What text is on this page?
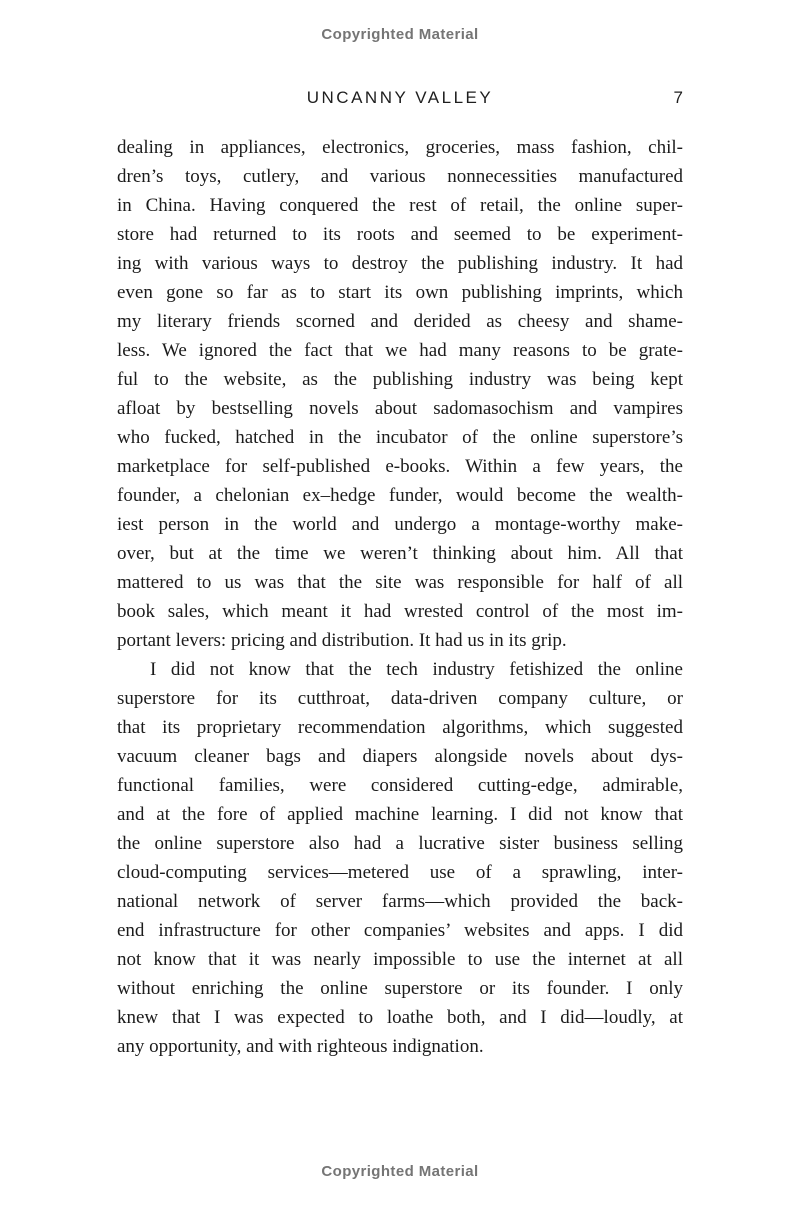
Copyrighted Material
UNCANNY VALLEY	7
dealing in appliances, electronics, groceries, mass fashion, chil-
dren’s toys, cutlery, and various nonnecessities manufactured
in China. Having conquered the rest of retail, the online super-
store had returned to its roots and seemed to be experiment-
ing with various ways to destroy the publishing industry. It had
even gone so far as to start its own publishing imprints, which
my literary friends scorned and derided as cheesy and shame-
less. We ignored the fact that we had many reasons to be grate-
ful to the website, as the publishing industry was being kept
afloat by bestselling novels about sadomasochism and vampires
who fucked, hatched in the incubator of the online superstore’s
marketplace for self-published e-books. Within a few years, the
founder, a chelonian ex–hedge funder, would become the wealth-
iest person in the world and undergo a montage-worthy make-
over, but at the time we weren’t thinking about him. All that
mattered to us was that the site was responsible for half of all
book sales, which meant it had wrested control of the most im-
portant levers: pricing and distribution. It had us in its grip.
I did not know that the tech industry fetishized the online
superstore for its cutthroat, data-driven company culture, or
that its proprietary recommendation algorithms, which suggested
vacuum cleaner bags and diapers alongside novels about dys-
functional families, were considered cutting-edge, admirable,
and at the fore of applied machine learning. I did not know that
the online superstore also had a lucrative sister business selling
cloud-computing services—metered use of a sprawling, inter-
national network of server farms—which provided the back-
end infrastructure for other companies’ websites and apps. I did
not know that it was nearly impossible to use the internet at all
without enriching the online superstore or its founder. I only
knew that I was expected to loathe both, and I did—loudly, at
any opportunity, and with righteous indignation.
Copyrighted Material
